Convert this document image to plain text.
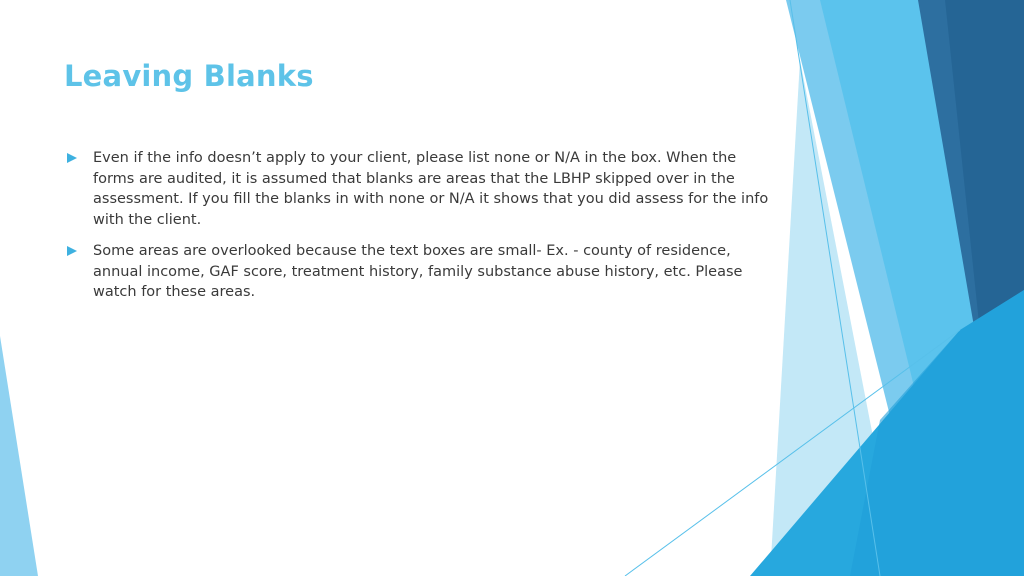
Leaving Blanks
Even if the info doesn’t apply to your client, please list none or N/A in the box. When the forms are audited, it is assumed that blanks are areas that the LBHP skipped over in the assessment. If you fill the blanks in with none or N/A it shows that you did assess for the info with the client.
Some areas are overlooked because the text boxes are small- Ex. - county of residence, annual income, GAF score, treatment history, family substance abuse history, etc. Please watch for these areas.
